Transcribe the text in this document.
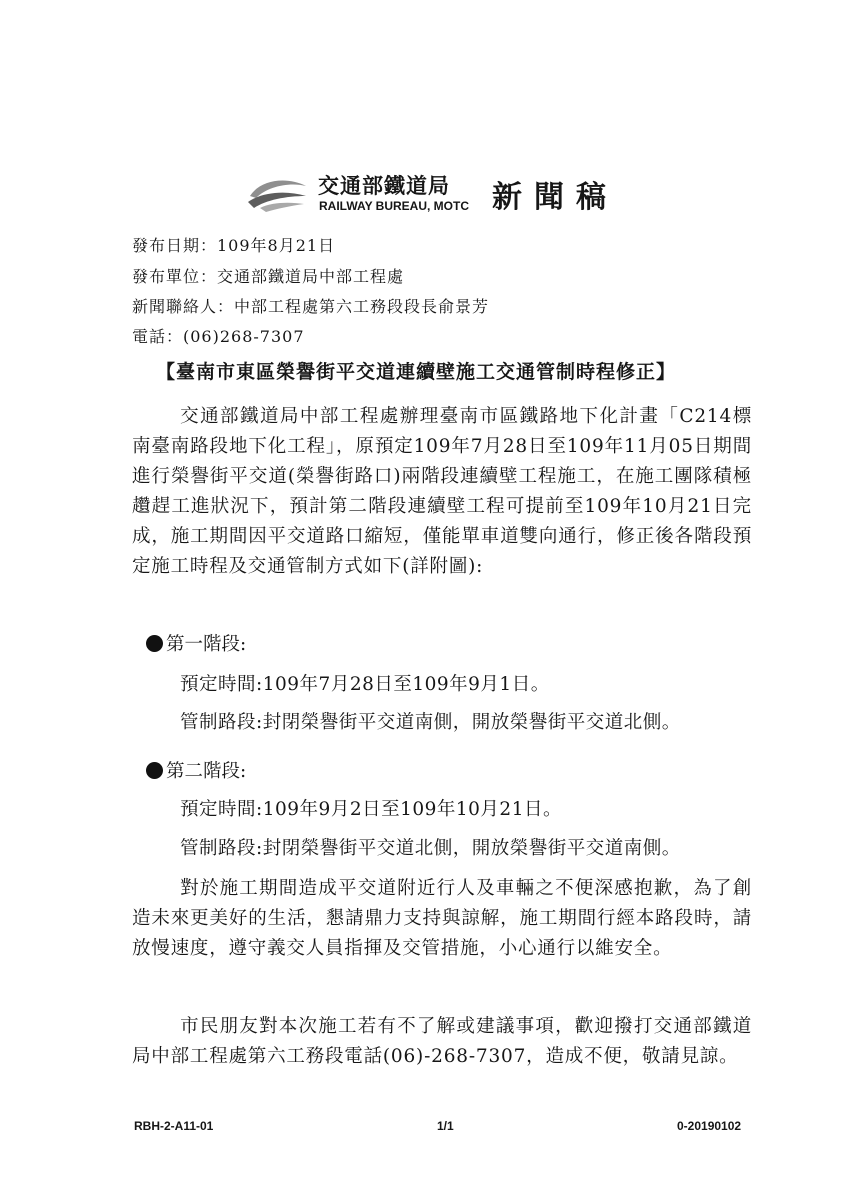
交通部鐵道局
RAILWAY BUREAU, MOTC 新聞稿
發布日期：109年8月21日
發布單位：交通部鐵道局中部工程處
新聞聯絡人：中部工程處第六工務段段長俞景芳
電話：(06)268-7307
【臺南市東區榮譽街平交道連續壁施工交通管制時程修正】
交通部鐵道局中部工程處辦理臺南市區鐵路地下化計畫「C214標南臺南路段地下化工程」，原預定109年7月28日至109年11月05日期間進行榮譽街平交道(榮譽街路口)兩階段連續壁工程施工，在施工團隊積極趲趕工進狀況下，預計第二階段連續壁工程可提前至109年10月21日完成，施工期間因平交道路口縮短，僅能單車道雙向通行，修正後各階段預定施工時程及交通管制方式如下(詳附圖):
第一階段:
預定時間:109年7月28日至109年9月1日。
管制路段:封閉榮譽街平交道南側，開放榮譽街平交道北側。
第二階段:
預定時間:109年9月2日至109年10月21日。
管制路段:封閉榮譽街平交道北側，開放榮譽街平交道南側。
對於施工期間造成平交道附近行人及車輛之不便深感抱歉，為了創造未來更美好的生活，懇請鼎力支持與諒解，施工期間行經本路段時，請放慢速度，遵守義交人員指揮及交管措施，小心通行以維安全。
市民朋友對本次施工若有不了解或建議事項，歡迎撥打交通部鐵道局中部工程處第六工務段電話(06)-268-7307，造成不便，敬請見諒。
RBH-2-A11-01	1/1	0-20190102
